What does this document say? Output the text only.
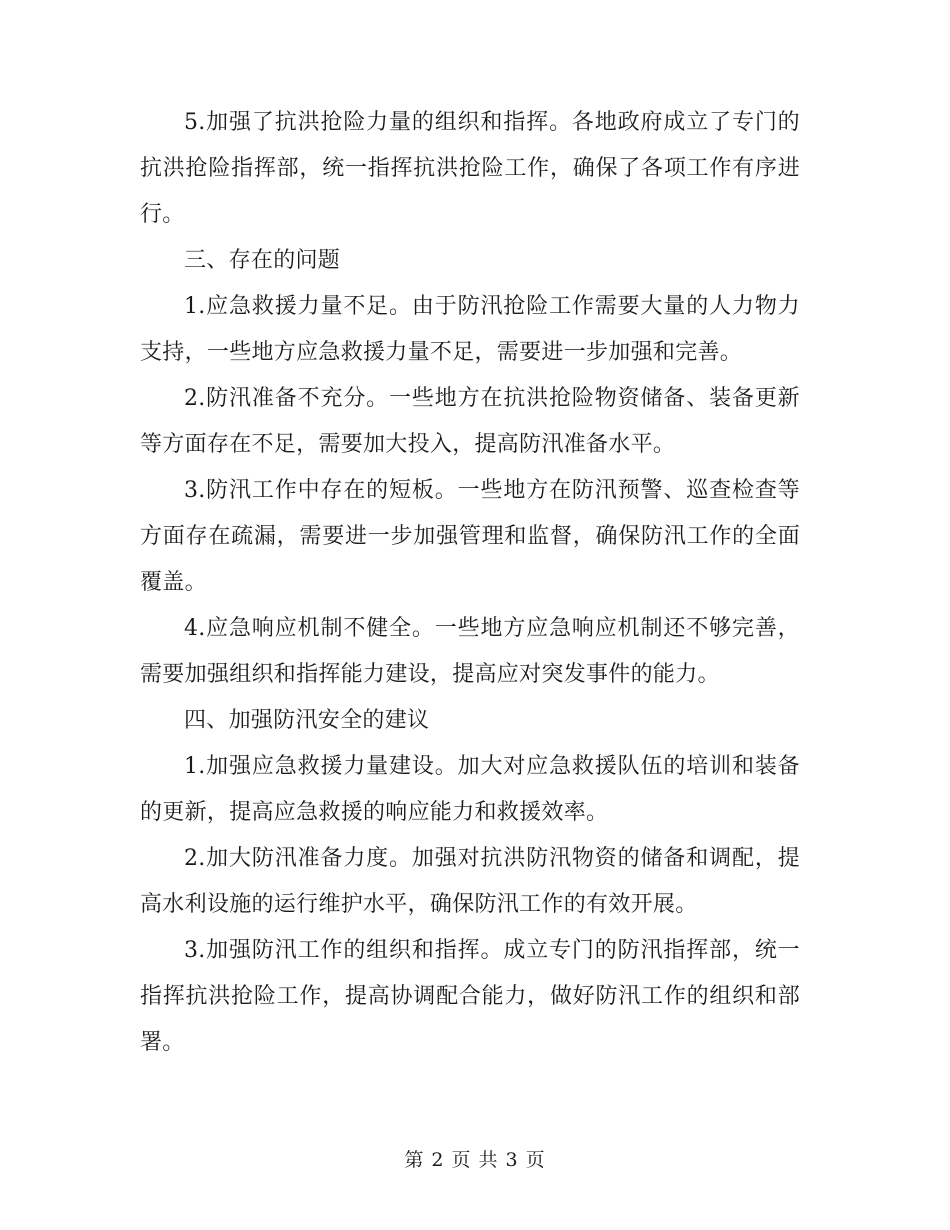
5.加强了抗洪抢险力量的组织和指挥。各地政府成立了专门的抗洪抢险指挥部，统一指挥抗洪抢险工作，确保了各项工作有序进行。

三、存在的问题

1.应急救援力量不足。由于防汛抢险工作需要大量的人力物力支持，一些地方应急救援力量不足，需要进一步加强和完善。

2.防汛准备不充分。一些地方在抗洪抢险物资储备、装备更新等方面存在不足，需要加大投入，提高防汛准备水平。

3.防汛工作中存在的短板。一些地方在防汛预警、巡查检查等方面存在疏漏，需要进一步加强管理和监督，确保防汛工作的全面覆盖。

4.应急响应机制不健全。一些地方应急响应机制还不够完善，需要加强组织和指挥能力建设，提高应对突发事件的能力。

四、加强防汛安全的建议

1.加强应急救援力量建设。加大对应急救援队伍的培训和装备的更新，提高应急救援的响应能力和救援效率。

2.加大防汛准备力度。加强对抗洪防汛物资的储备和调配，提高水利设施的运行维护水平，确保防汛工作的有效开展。

3.加强防汛工作的组织和指挥。成立专门的防汛指挥部，统一指挥抗洪抢险工作，提高协调配合能力，做好防汛工作的组织和部署。

第 2 页 共 3 页
